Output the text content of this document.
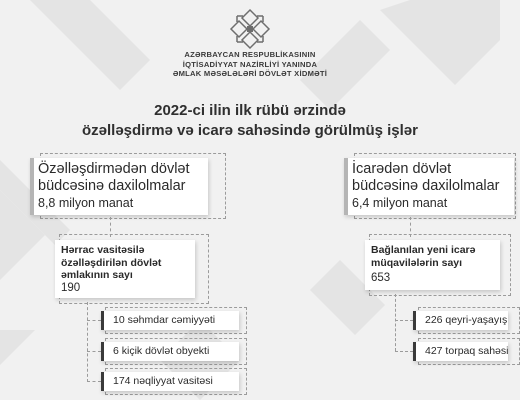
AZƏRBAYCAN RESPUBLİKASININ
İQTİSADİYYAT NAZİRLİYİ YANINDA
ƏMLAK MƏSƏLƏLƏRİ DÖVLƏT XİDMƏTİ
2022-ci ilin ilk rübü ərzində
özəlləşdirmə və icarə sahəsində görülmüş işlər
Özəlləşdirmədən dövlət
büdcəsinə daxilolmalar
8,8 milyon manat
Hərrac vasitəsilə
özəlləşdirilən dövlət
əmlakının sayı
190
10 səhmdar cəmiyyəti
6 kiçik dövlət obyekti
174 nəqliyyat vasitəsi
İcarədən dövlət
büdcəsinə daxilolmalar
6,4 milyon manat
Bağlanılan yeni icarə
müqavilələrin sayı
653
226 qeyri-yaşayış
427 torpaq sahəsi
